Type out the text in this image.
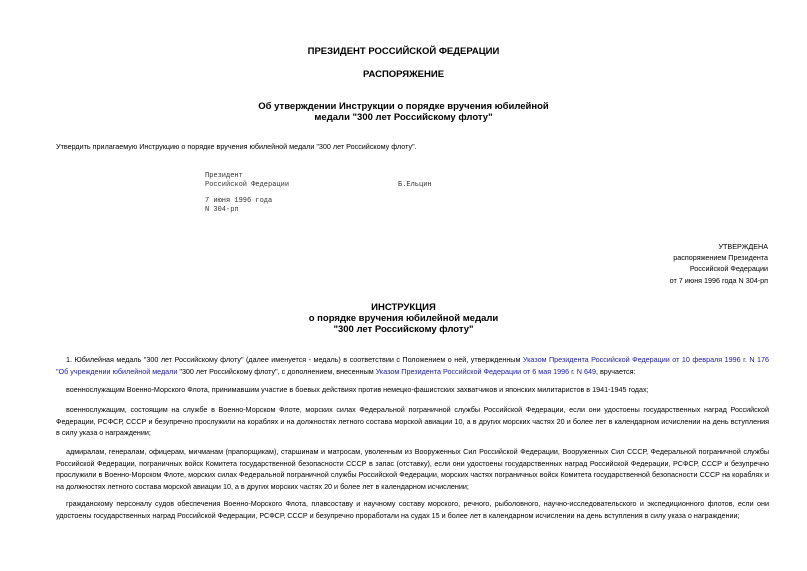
ПРЕЗИДЕНТ РОССИЙСКОЙ ФЕДЕРАЦИИ
РАСПОРЯЖЕНИЕ
Об утверждении Инструкции о порядке вручения юбилейной
медали "300 лет Российскому флоту"
Утвердить прилагаемую Инструкцию о порядке вручения юбилейной медали "300 лет Российскому флоту".
Президент
Российской Федерации	Б.Ельцин
7 июня 1996 года
N 304-рп
УТВЕРЖДЕНА
распоряжением Президента
Российской Федерации
от 7 июня 1996 года N 304-рп
ИНСТРУКЦИЯ
о порядке вручения юбилейной медали
"300 лет Российскому флоту"
1. Юбилейная медаль "300 лет Российскому флоту" (далее именуется - медаль) в соответствии с Положением о ней, утвержденным Указом Президента Российской Федерации от 10 февраля 1996 г. N 176 "Об учреждении юбилейной медали "300 лет Российскому флоту", с дополнением, внесенным Указом Президента Российской Федерации от 6 мая 1996 г. N 649, вручается:
военнослужащим Военно-Морского Флота, принимавшим участие в боевых действиях против немецко-фашистских захватчиков и японских милитаристов в 1941-1945 годах;
военнослужащим, состоящим на службе в Военно-Морском Флоте, морских силах Федеральной пограничной службы Российской Федерации, если они удостоены государственных наград Российской Федерации, РСФСР, СССР и безупречно прослужили на кораблях и на должностях летного состава морской авиации 10, а в других морских частях 20 и более лет в календарном исчислении на день вступления в силу указа о награждении;
адмиралам, генералам, офицерам, мичманам (прапорщикам), старшинам и матросам, уволенным из Вооруженных Сил Российской Федерации, Вооруженных Сил СССР, Федеральной пограничной службы Российской Федерации, пограничных войск Комитета государственной безопасности СССР в запас (отставку), если они удостоены государственных наград Российской Федерации, РСФСР, СССР и безупречно прослужили в Военно-Морском Флоте, морских силах Федеральной пограничной службы Российской Федерации, морских частях пограничных войск Комитета государственной безопасности СССР на кораблях и на должностях летного состава морской авиации 10, а в других морских частях 20 и более лет в календарном исчислении;
гражданскому персоналу судов обеспечения Военно-Морского Флота, плавсоставу и научному составу морского, речного, рыболовного, научно-исследовательского и экспедиционного флотов, если они удостоены государственных наград Российской Федерации, РСФСР, СССР и безупречно проработали на судах 15 и более лет в календарном исчислении на день вступления в силу указа о награждении;
